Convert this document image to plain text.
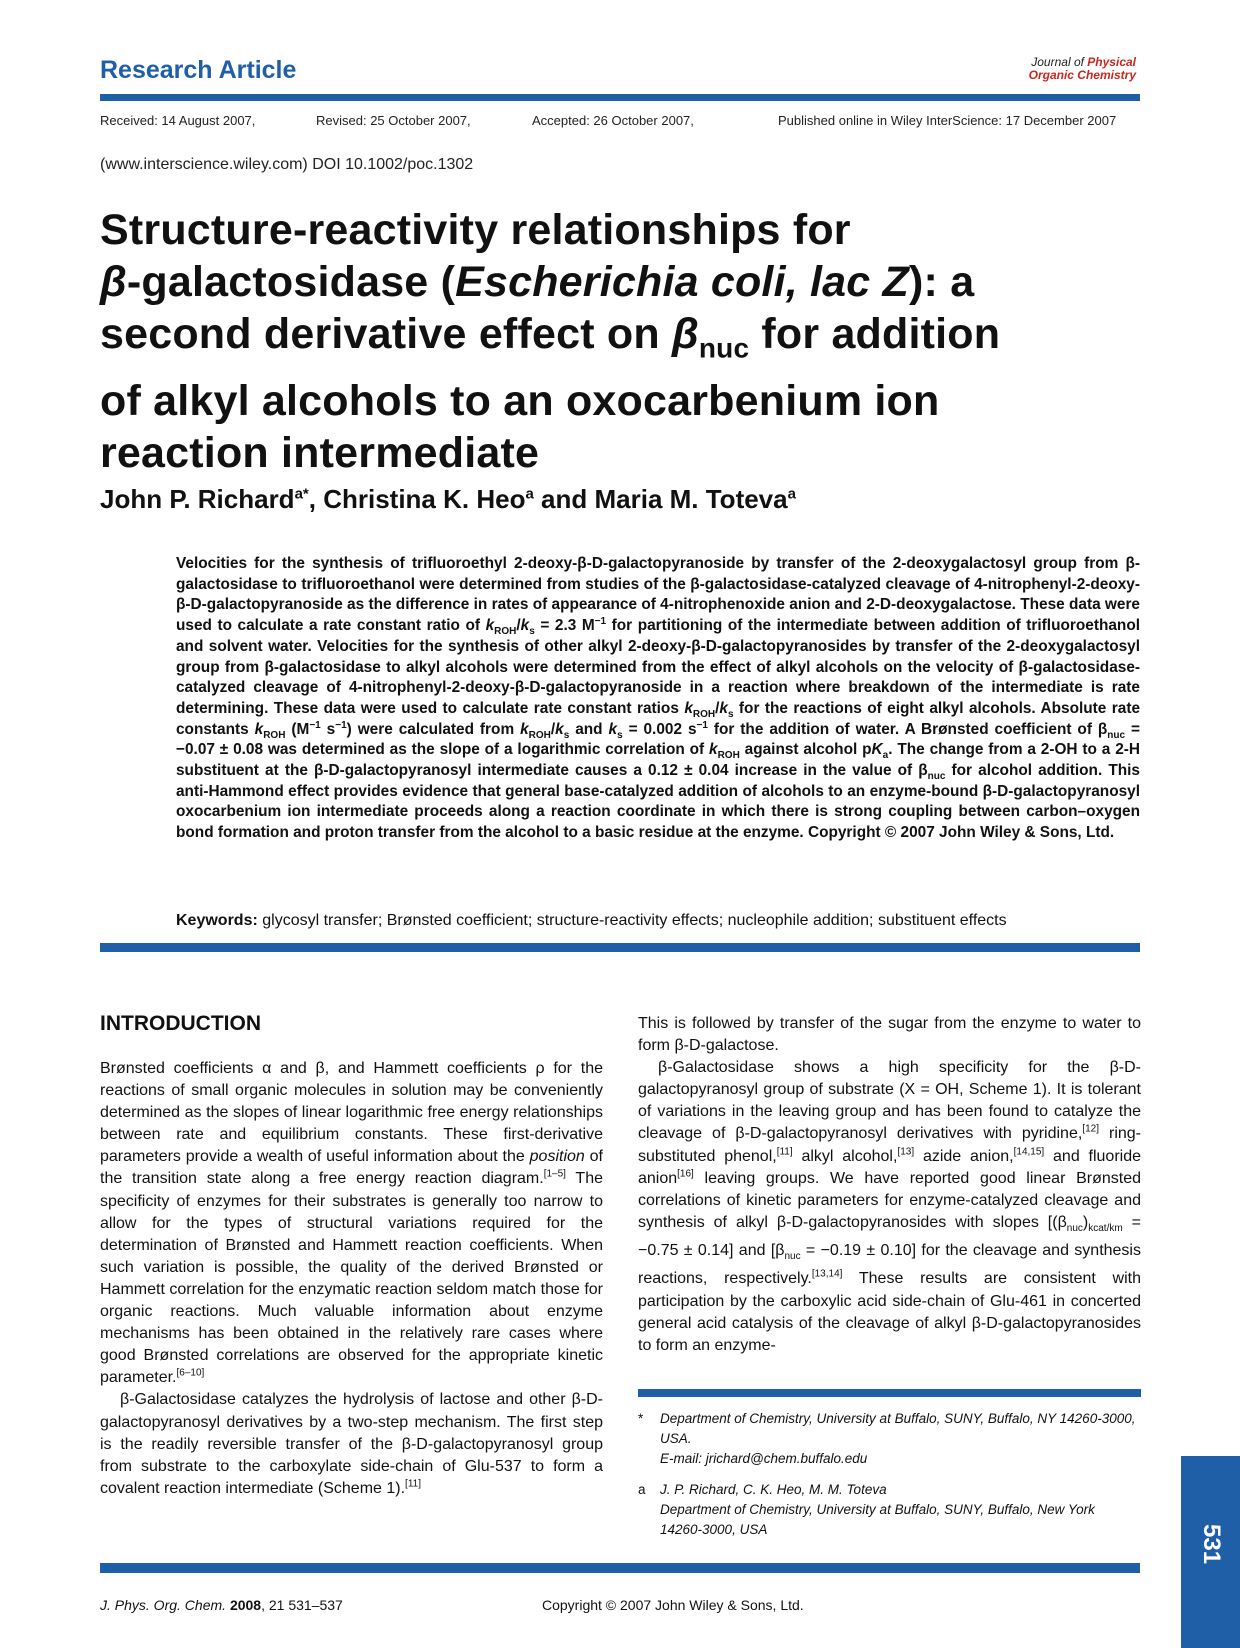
Research Article	Journal of Physical
Organic Chemistry
Received: 14 August 2007,	Revised: 25 October 2007,	Accepted: 26 October 2007,	Published online in Wiley InterScience: 17 December 2007
(www.interscience.wiley.com) DOI 10.1002/poc.1302
Structure-reactivity relationships for
β-galactosidase (Escherichia coli, lac Z): a
second derivative effect on $\beta_{nuc}$ for addition
of alkyl alcohols to an oxocarbenium ion
reaction intermediate
John P. Richard$^{a*}$, Christina K. Heo$^a$ and Maria M. Toteva$^a$
Velocities for the synthesis of trifluoroethyl 2-deoxy-β-D-galactopyranoside by transfer of the 2-deoxygalactosyl group from β-galactosidase to trifluoroethanol were determined from studies of the β-galactosidase-catalyzed cleavage of 4-nitrophenyl-2-deoxy-β-D-galactopyranoside as the difference in rates of appearance of 4-nitrophenoxide anion and 2-D-deoxygalactose. These data were used to calculate a rate constant ratio of $k_{ROH}/k_s = 2.3$ $M^{-1}$ for partitioning of the intermediate between addition of trifluoroethanol and solvent water. Velocities for the synthesis of other alkyl 2-deoxy-β-D-galactopyranosides by transfer of the 2-deoxygalactosyl group from β-galactosidase to alkyl alcohols were determined from the effect of alkyl alcohols on the velocity of β-galactosidase-catalyzed cleavage of 4-nitrophenyl-2-deoxy-β-D-galactopyranoside in a reaction where breakdown of the intermediate is rate determining. These data were used to calculate rate constant ratios $k_{ROH}/k_s$ for the reactions of eight alkyl alcohols. Absolute rate constants $k_{ROH}$ ($M^{-1}$ $s^{-1}$) were calculated from $k_{ROH}/k_s$ and $k_s = 0.002$ $s^{-1}$ for the addition of water. A Brønsted coefficient of $\beta_{nuc} = -0.07 \pm 0.08$ was determined as the slope of a logarithmic correlation of $k_{ROH}$ against alcohol $pK_a$. The change from a 2-OH to a 2-H substituent at the β-D-galactopyranosyl intermediate causes a 0.12 ± 0.04 increase in the value of $\beta_{nuc}$ for alcohol addition. This anti-Hammond effect provides evidence that general base-catalyzed addition of alcohols to an enzyme-bound β-D-galactopyranosyl oxocarbenium ion intermediate proceeds along a reaction coordinate in which there is strong coupling between carbon–oxygen bond formation and proton transfer from the alcohol to a basic residue at the enzyme. Copyright © 2007 John Wiley & Sons, Ltd.
Keywords: glycosyl transfer; Brønsted coefficient; structure-reactivity effects; nucleophile addition; substituent effects
INTRODUCTION

Brønsted coefficients α and β, and Hammett coefficients ρ for the reactions of small organic molecules in solution may be conveniently determined as the slopes of linear logarithmic free energy relationships between rate and equilibrium constants. These first-derivative parameters provide a wealth of useful information about the position of the transition state along a free energy reaction diagram.[1–5] The specificity of enzymes for their substrates is generally too narrow to allow for the types of structural variations required for the determination of Brønsted and Hammett reaction coefficients. When such variation is possible, the quality of the derived Brønsted or Hammett correlation for the enzymatic reaction seldom match those for organic reactions. Much valuable information about enzyme mechanisms has been obtained in the relatively rare cases where good Brønsted correlations are observed for the appropriate kinetic parameter.[6–10]

β-Galactosidase catalyzes the hydrolysis of lactose and other β-D-galactopyranosyl derivatives by a two-step mechanism. The first step is the readily reversible transfer of the β-D-galactopyranosyl group from substrate to the carboxylate side-chain of Glu-537 to form a covalent reaction intermediate (Scheme 1).[11]

This is followed by transfer of the sugar from the enzyme to water to form β-D-galactose.

β-Galactosidase shows a high specificity for the β-D-galactopyranosyl group of substrate (X = OH, Scheme 1). It is tolerant of variations in the leaving group and has been found to catalyze the cleavage of β-D-galactopyranosyl derivatives with pyridine,[12] ring-substituted phenol,[11] alkyl alcohol,[13] azide anion,[14,15] and fluoride anion[16] leaving groups. We have reported good linear Brønsted correlations of kinetic parameters for enzyme-catalyzed cleavage and synthesis of alkyl β-D-galactopyranosides with slopes $[(\beta_{nuc})_{kcat/km} = -0.75 \pm 0.14]$ and $[\beta_{nuc} = -0.19 \pm 0.10]$ for the cleavage and synthesis reactions, respectively.[13,14] These results are consistent with participation by the carboxylic acid side-chain of Glu-461 in concerted general acid catalysis of the cleavage of alkyl β-D-galactopyranosides to form an enzyme-

* Department of Chemistry, University at Buffalo, SUNY, Buffalo, NY 14260-3000,
USA.
E-mail: jrichard@chem.buffalo.edu
a J. P. Richard, C. K. Heo, M. M. Toteva
Department of Chemistry, University at Buffalo, SUNY, Buffalo, New York
14260-3000, USA
J. Phys. Org. Chem. 2008, 21 531–537	Copyright © 2007 John Wiley & Sons, Ltd.
531
